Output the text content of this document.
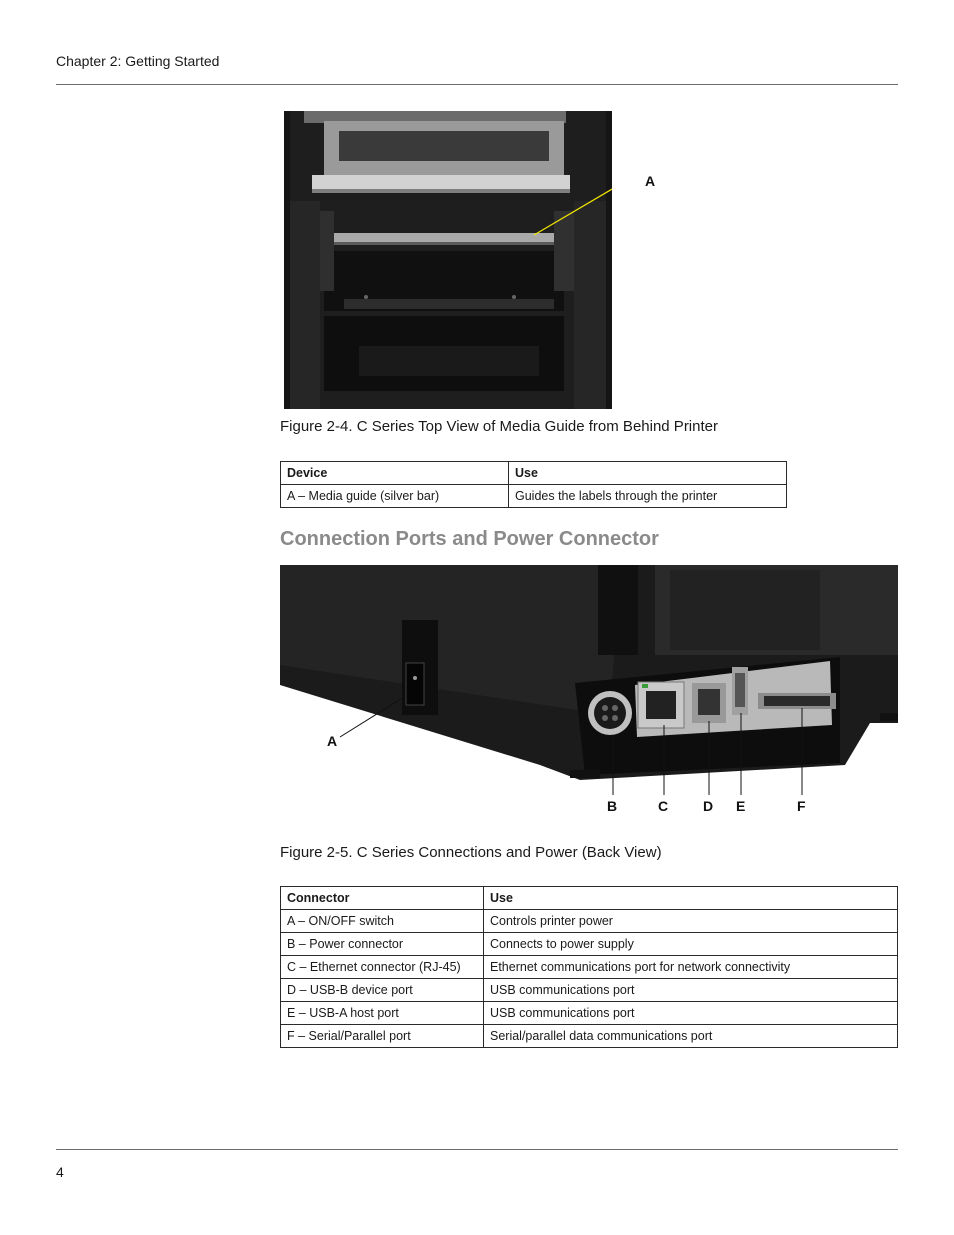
Chapter 2: Getting Started
A
Figure 2-4. C Series Top View of Media Guide from Behind Printer
Device	Use
A – Media guide (silver bar)	Guides the labels through the printer
Connection Ports and Power Connector
A
B	C D E	F
Figure 2-5. C Series Connections and Power (Back View)
Connector	Use
A – ON/OFF switch	Controls printer power
B – Power connector	Connects to power supply
C – Ethernet connector (RJ-45)	Ethernet communications port for network connectivity
D – USB-B device port	USB communications port
E – USB-A host port	USB communications port
F – Serial/Parallel port	Serial/parallel data communications port
4
